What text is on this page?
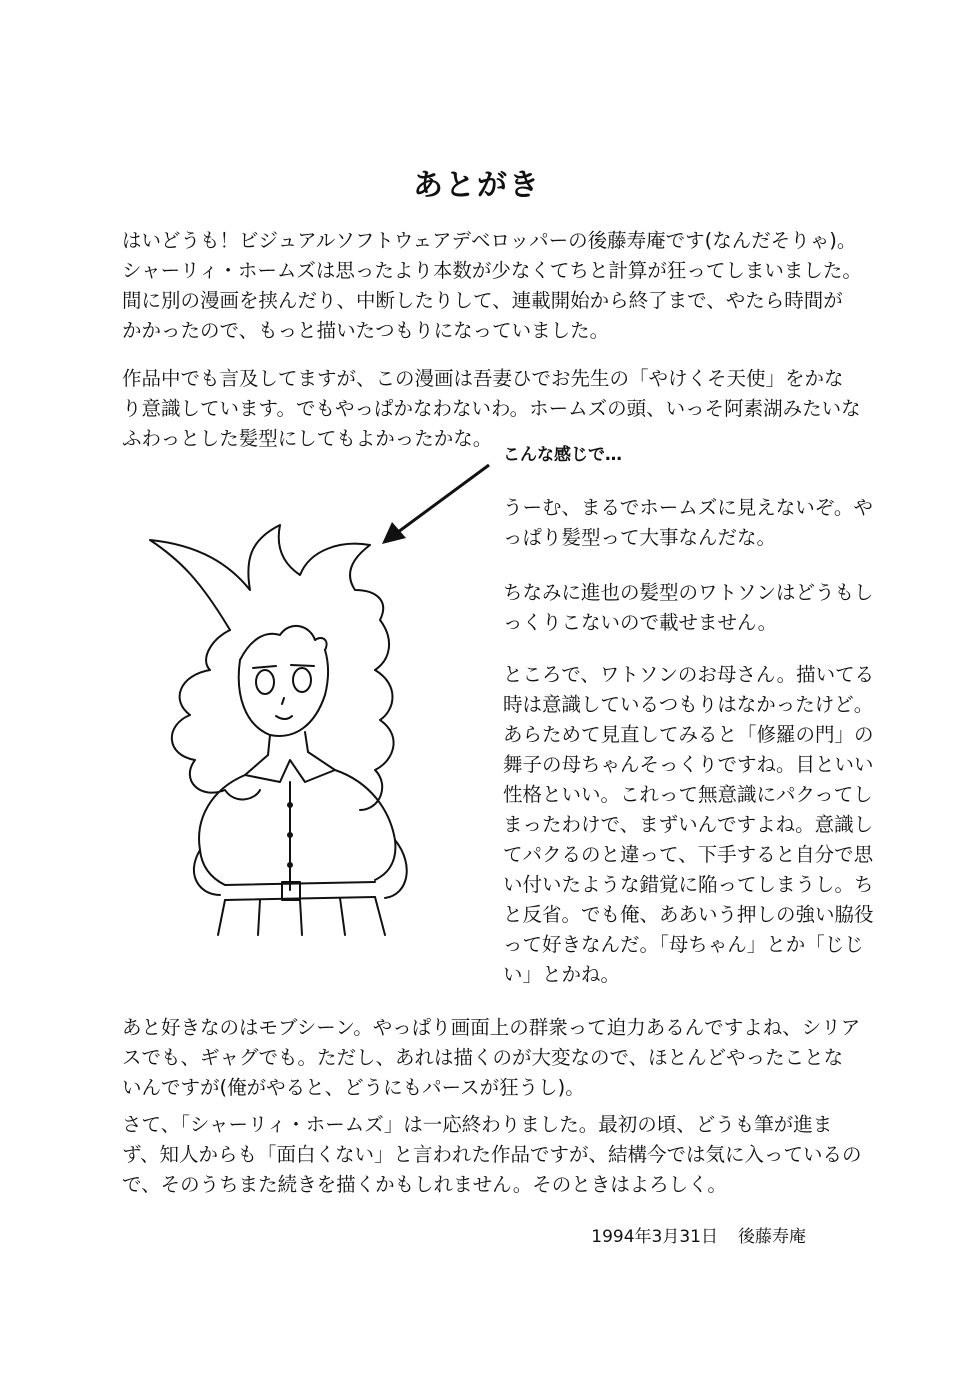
あとがき

はいどうも！ビジュアルソフトウェアデベロッパーの後藤寿庵です(なんだそりゃ)。シャーリィ・ホームズは思ったより本数が少なくてちと計算が狂ってしまいました。間に別の漫画を挟んだり、中断したりして、連載開始から終了まで、やたら時間がかかったので、もっと描いたつもりになっていました。

作品中でも言及してますが、この漫画は吾妻ひでお先生の「やけくそ天使」をかなり意識しています。でもやっぱかなわないわ。ホームズの頭、いっそ阿素湖みたいなふわっとした髪型にしてもよかったかな。

こんな感じで…

うーむ、まるでホームズに見えないぞ。やっぱり髪型って大事なんだな。

ちなみに進也の髪型のワトソンはどうもしっくりこないので載せません。

ところで、ワトソンのお母さん。描いてる時は意識しているつもりはなかったけど。あらためて見直してみると「修羅の門」の舞子の母ちゃんそっくりですね。目といい性格といい。これって無意識にパクってしまったわけで、まずいんですよね。意識してパクるのと違って、下手すると自分で思い付いたような錯覚に陥ってしまうし。ちと反省。でも俺、ああいう押しの強い脇役って好きなんだ。「母ちゃん」とか「じじい」とかね。

あと好きなのはモブシーン。やっぱり画面上の群衆って迫力あるんですよね、シリアスでも、ギャグでも。ただし、あれは描くのが大変なので、ほとんどやったことないんですが(俺がやると、どうにもパースが狂うし)。

さて、「シャーリィ・ホームズ」は一応終わりました。最初の頃、どうも筆が進まず、知人からも「面白くない」と言われた作品ですが、結構今では気に入っているので、そのうちまた続きを描くかもしれません。そのときはよろしく。

1994年3月31日 後藤寿庵
